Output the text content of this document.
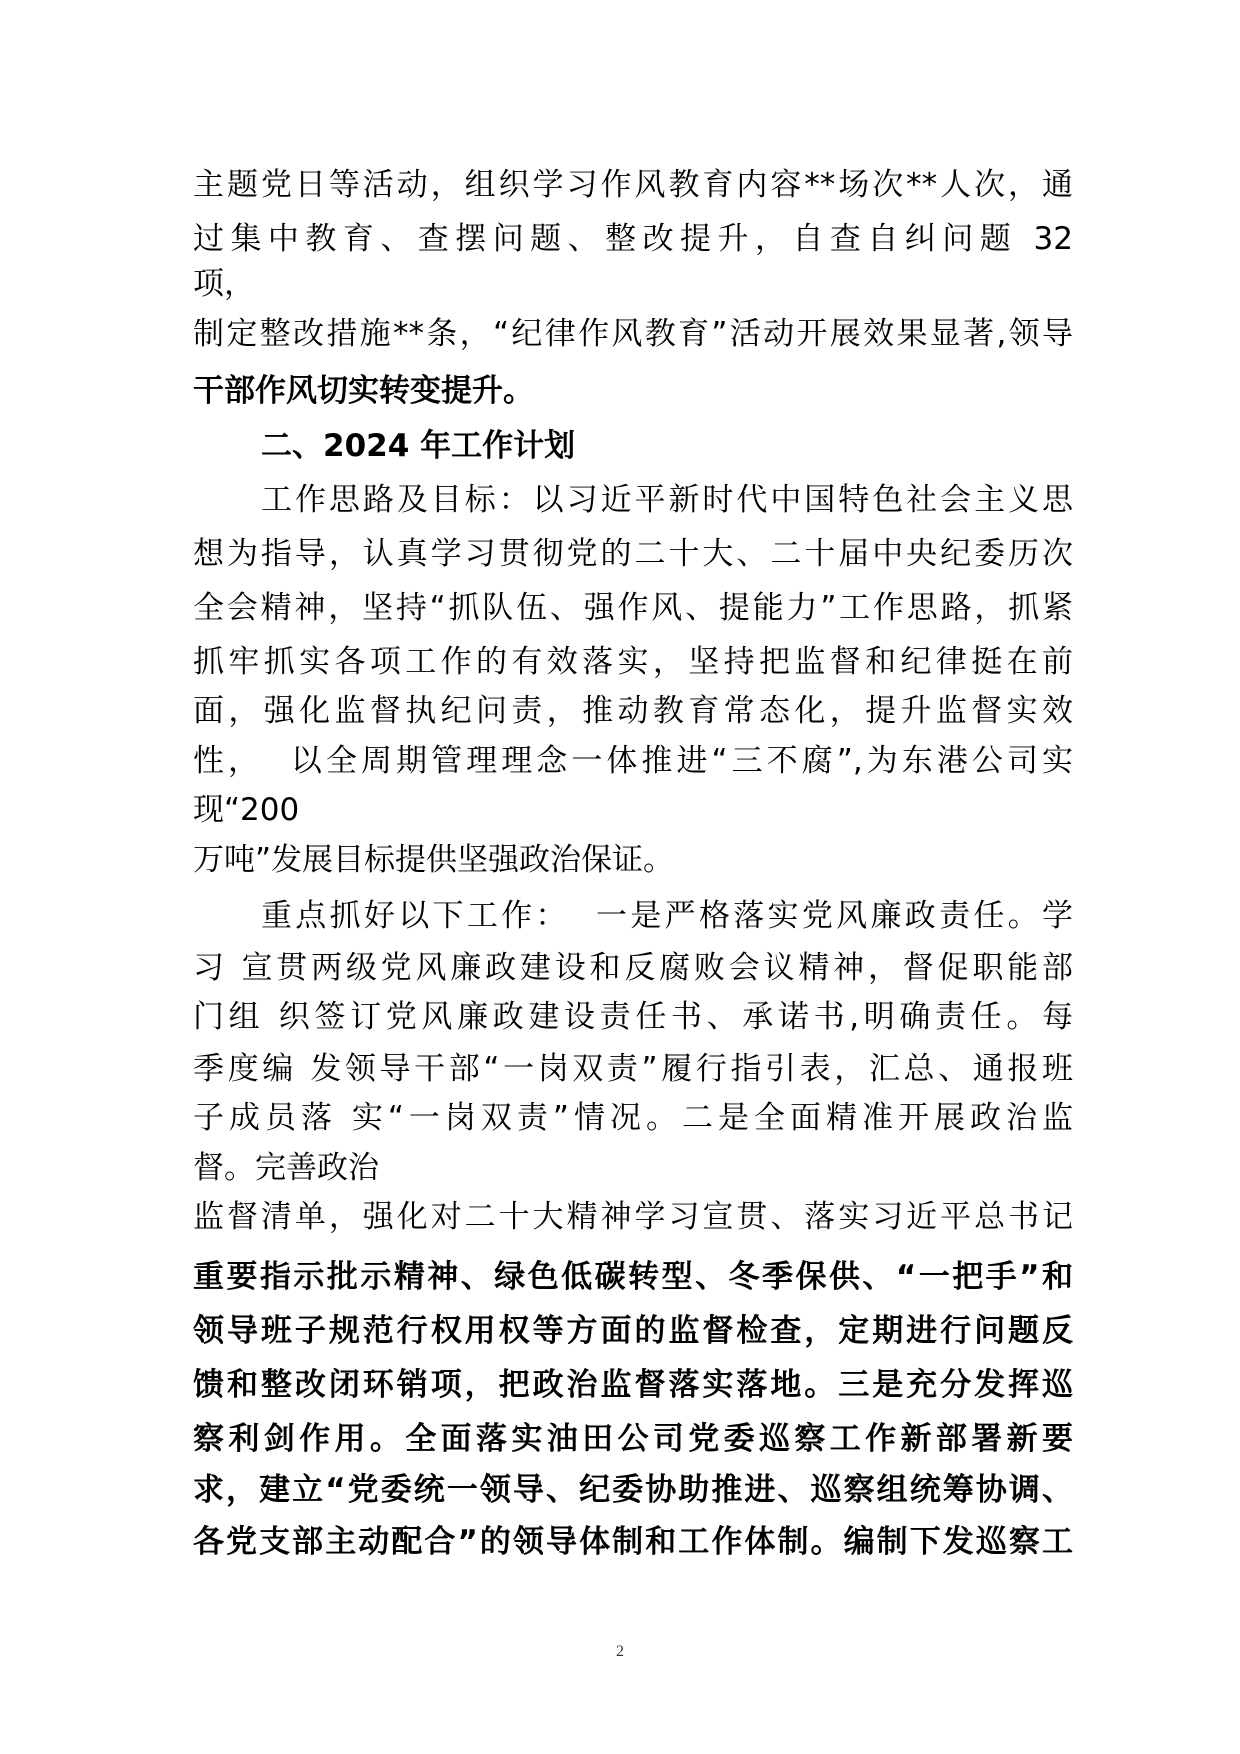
主题党日等活动，组织学习作风教育内容**场次**人次，通
过集中教育、查摆问题、整改提升，自查自纠问题 32
项，
制定整改措施**条，“纪律作风教育”活动开展效果显著,领导
干部作风切实转变提升。
二、2024 年工作计划
工作思路及目标：以习近平新时代中国特色社会主义思
想为指导，认真学习贯彻党的二十大、二十届中央纪委历次
全会精神，坚持“抓队伍、强作风、提能力”工作思路，抓紧
抓牢抓实各项工作的有效落实，坚持把监督和纪律挺在前
面，强化监督执纪问责，推动教育常态化，提升监督实效
性，  以全周期管理理念一体推进“三不腐”,为东港公司实
现“200
万吨”发展目标提供坚强政治保证。
重点抓好以下工作：  一是严格落实党风廉政责任。学
习 宣贯两级党风廉政建设和反腐败会议精神，督促职能部
门组 织签订党风廉政建设责任书、承诺书,明确责任。每
季度编 发领导干部“一岗双责”履行指引表，汇总、通报班
子成员落 实“一岗双责”情况。二是全面精准开展政治监
督。完善政治
监督清单，强化对二十大精神学习宣贯、落实习近平总书记
重要指示批示精神、绿色低碳转型、冬季保供、“一把手”和
领导班子规范行权用权等方面的监督检查，定期进行问题反
馈和整改闭环销项，把政治监督落实落地。三是充分发挥巡
察利剑作用。全面落实油田公司党委巡察工作新部署新要
求，建立“党委统一领导、纪委协助推进、巡察组统筹协调、
各党支部主动配合”的领导体制和工作体制。编制下发巡察工
2
